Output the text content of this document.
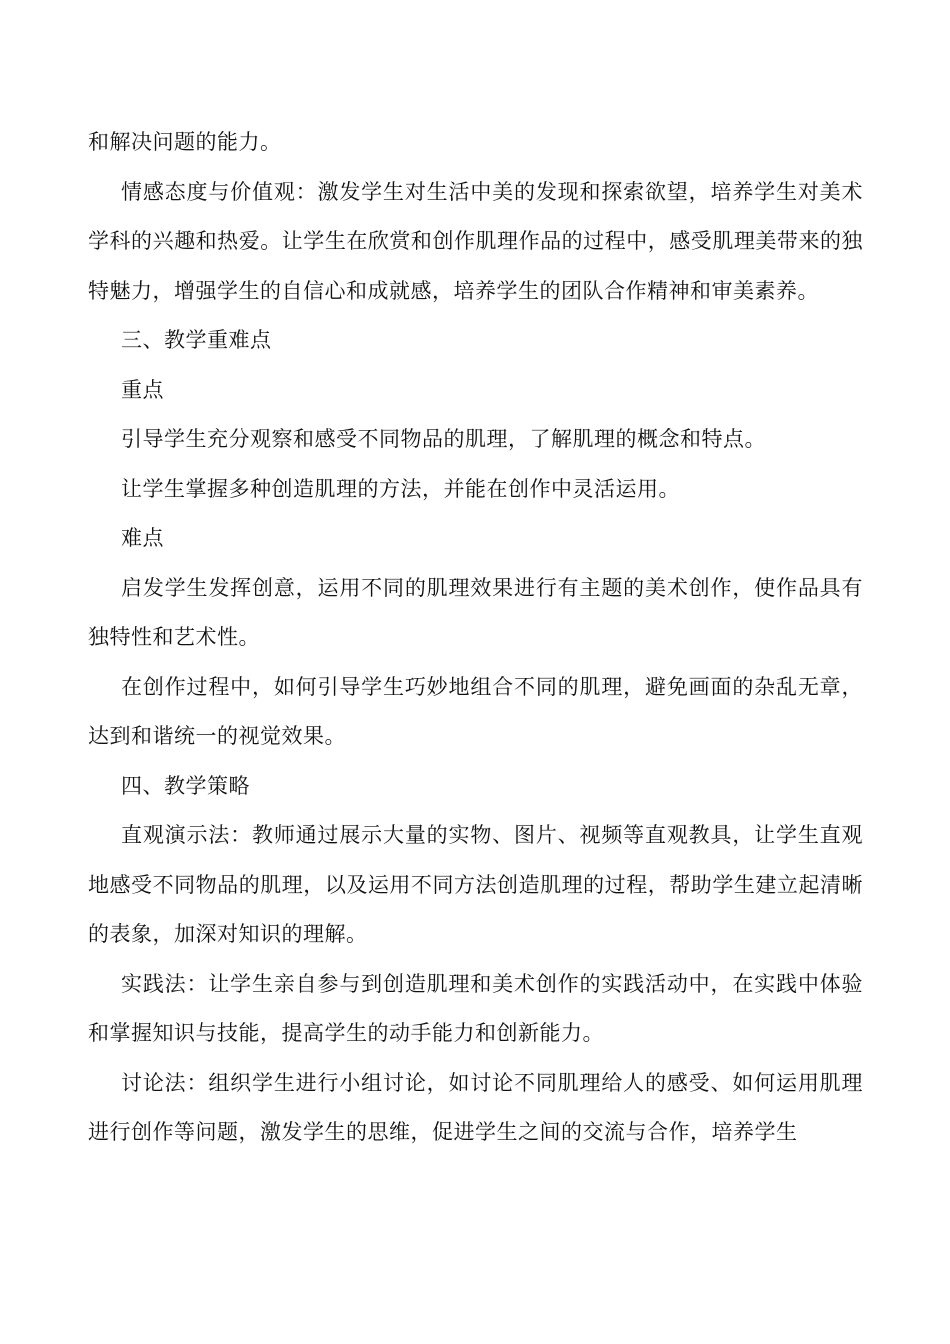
和解决问题的能力。

情感态度与价值观：激发学生对生活中美的发现和探索欲望，培养学生对美术学科的兴趣和热爱。让学生在欣赏和创作肌理作品的过程中，感受肌理美带来的独特魅力，增强学生的自信心和成就感，培养学生的团队合作精神和审美素养。

三、教学重难点

重点

引导学生充分观察和感受不同物品的肌理，了解肌理的概念和特点。

让学生掌握多种创造肌理的方法，并能在创作中灵活运用。

难点

启发学生发挥创意，运用不同的肌理效果进行有主题的美术创作，使作品具有独特性和艺术性。

在创作过程中，如何引导学生巧妙地组合不同的肌理，避免画面的杂乱无章，达到和谐统一的视觉效果。

四、教学策略

直观演示法：教师通过展示大量的实物、图片、视频等直观教具，让学生直观地感受不同物品的肌理，以及运用不同方法创造肌理的过程，帮助学生建立起清晰的表象，加深对知识的理解。

实践法：让学生亲自参与到创造肌理和美术创作的实践活动中，在实践中体验和掌握知识与技能，提高学生的动手能力和创新能力。

讨论法：组织学生进行小组讨论，如讨论不同肌理给人的感受、如何运用肌理进行创作等问题，激发学生的思维，促进学生之间的交流与合作，培养学生
